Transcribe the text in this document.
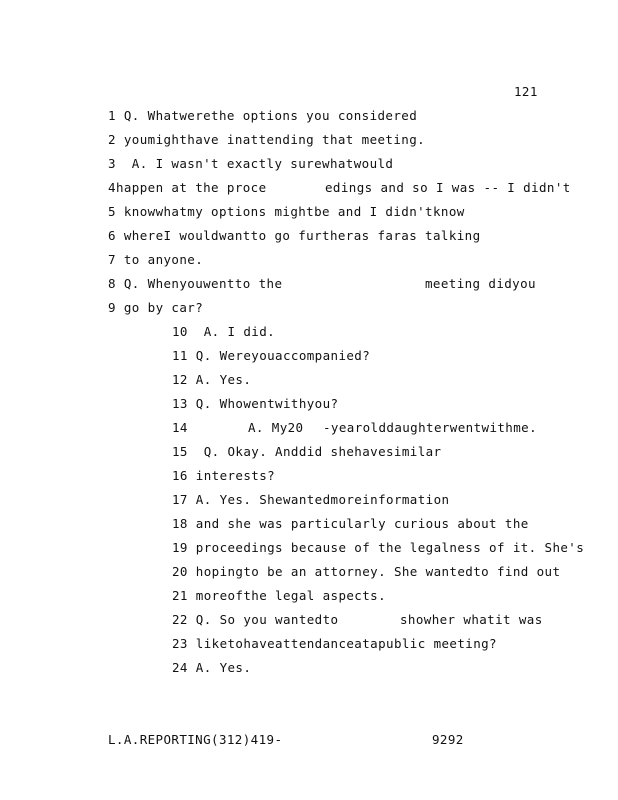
121
1 Q. Whatwerethe options you considered
2 youmighthave inattending that meeting.
3 A. I wasn't exactly surewhatwould
4happen at the proce	edings and so I was -- I didn't
5 knowwhatmy options mightbe and I didn'tknow
6 whereI wouldwantto go furtheras faras talking
7 to anyone.
8 Q. Whenyouwentto the	meeting didyou
9 go by car?
10 A. I did.
11 Q. Wereyouaccompanied?
12 A. Yes.
13 Q. Whowentwithyou?
14	A. My20 -yearolddaughterwentwithme.
15 Q. Okay. Anddid shehavesimilar
16 interests?
17 A. Yes. Shewantedmoreinformation
18 and she was particularly curious about the
19 proceedings because of the legalness of it. She's
20 hopingto be an attorney. She wantedto find out
21 moreofthe legal aspects.
22 Q. So you wantedto	showher whatit was
23 liketohaveattendanceatapublic meeting?
24 A. Yes.
L.A.REPORTING(312)419-	9292
